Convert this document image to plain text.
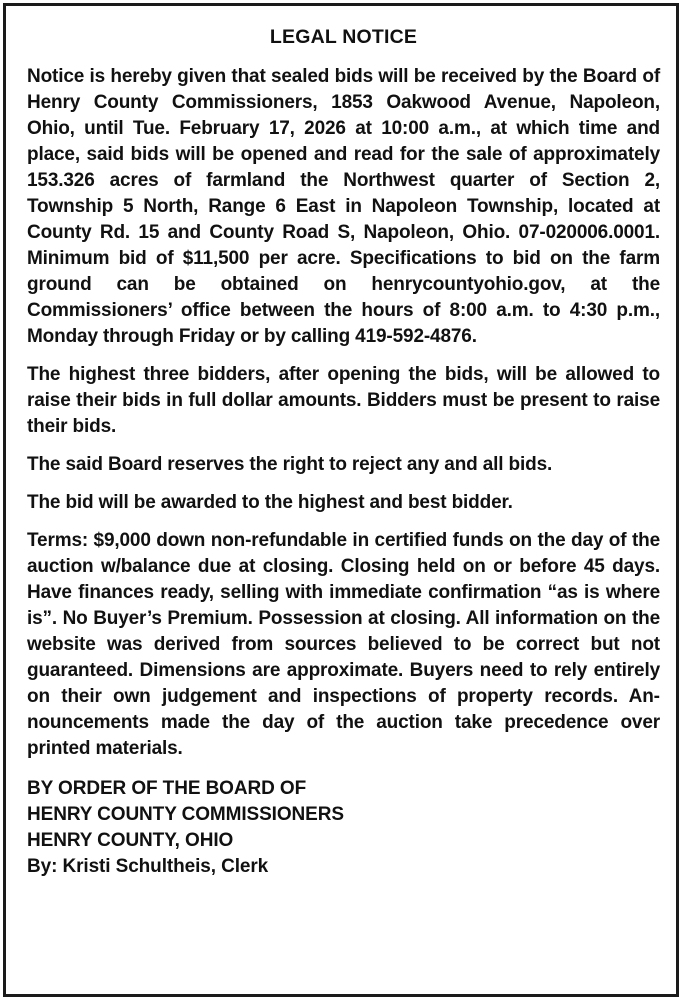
LEGAL NOTICE

Notice is hereby given that sealed bids will be received by the Board of Henry County Commissioners, 1853 Oakwood Avenue, Napoleon, Ohio, until Tue. February 17, 2026 at 10:00 a.m., at which time and place, said bids will be opened and read for the sale of approximately 153.326 acres of farmland the Northwest quarter of Section 2, Township 5 North, Range 6 East in Napoleon Township, located at County Rd. 15 and County Road S, Napoleon, Ohio. 07-020006.0001. Minimum bid of $11,500 per acre. Specifications to bid on the farm ground can be obtained on henrycountyohio.gov, at the Commissioners’ office between the hours of 8:00 a.m. to 4:30 p.m., Monday through Friday or by calling 419-592-4876.

The highest three bidders, after opening the bids, will be allowed to raise their bids in full dollar amounts. Bidders must be present to raise their bids.

The said Board reserves the right to reject any and all bids.

The bid will be awarded to the highest and best bidder.

Terms: $9,000 down non-refundable in certified funds on the day of the auction w/balance due at closing. Closing held on or before 45 days. Have finances ready, selling with immediate confirmation “as is where is”. No Buyer’s Premium. Possession at closing. All information on the website was derived from sources believed to be correct but not guaranteed. Dimensions are approximate. Buyers need to rely entirely on their own judgement and inspections of property records. Announcements made the day of the auction take precedence over printed materials.

BY ORDER OF THE BOARD OF
HENRY COUNTY COMMISSIONERS
HENRY COUNTY, OHIO
By: Kristi Schultheis, Clerk
